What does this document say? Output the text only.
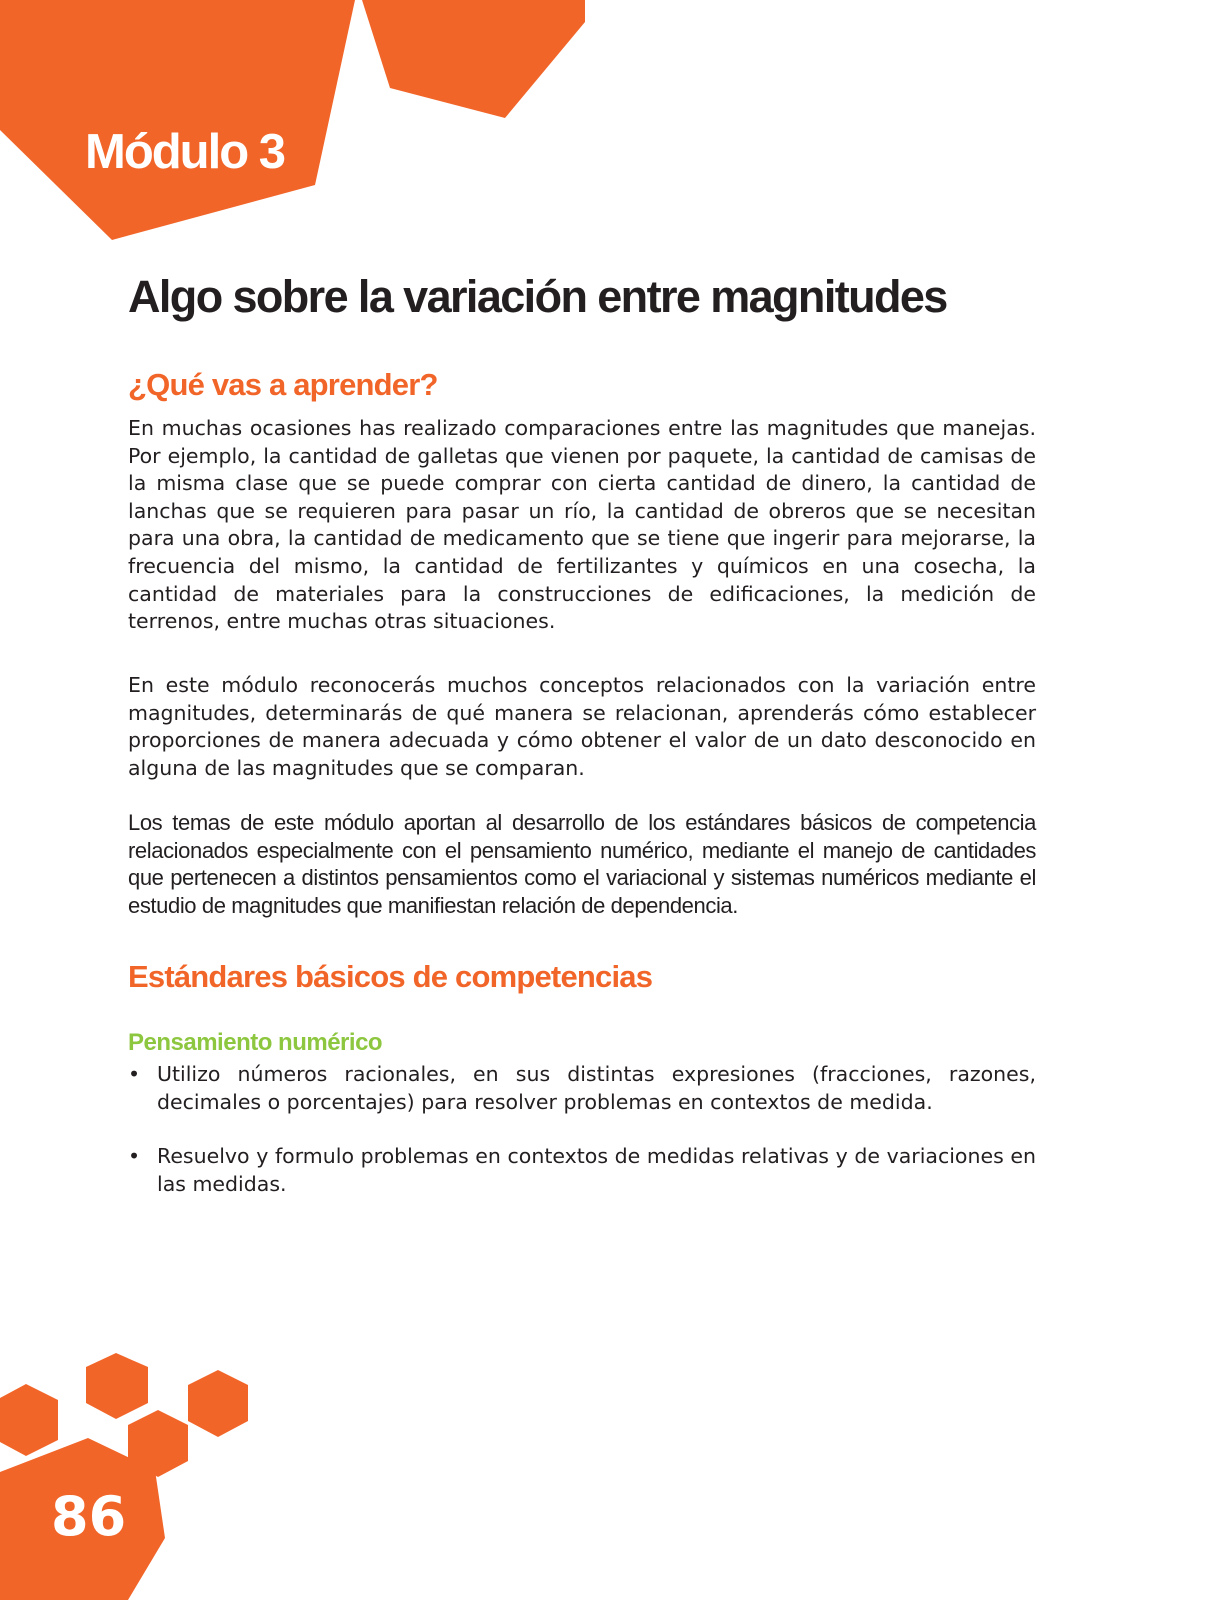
Módulo 3
Algo sobre la variación entre magnitudes
¿Qué vas a aprender?

En muchas ocasiones has realizado comparaciones entre las magnitudes que manejas. Por ejemplo, la cantidad de galletas que vienen por paquete, la cantidad de camisas de la misma clase que se puede comprar con cierta cantidad de dinero, la cantidad de lanchas que se requieren para pasar un río, la cantidad de obreros que se necesitan para una obra, la cantidad de medicamento que se tiene que ingerir para mejorarse, la frecuencia del mismo, la cantidad de fertilizantes y químicos en una cosecha, la cantidad de materiales para la construcciones de edificaciones, la medición de terrenos, entre muchas otras situaciones.

En este módulo reconocerás muchos conceptos relacionados con la variación entre magnitudes, determinarás de qué manera se relacionan, aprenderás cómo establecer proporciones de manera adecuada y cómo obtener el valor de un dato desconocido en alguna de las magnitudes que se comparan.

Los temas de este módulo aportan al desarrollo de los estándares básicos de competencia relacionados especialmente con el pensamiento numérico, mediante el manejo de cantidades que pertenecen a distintos pensamientos como el variacional y sistemas numéricos mediante el estudio de magnitudes que manifiestan relación de dependencia.

Estándares básicos de competencias
Pensamiento numérico
• Utilizo números racionales, en sus distintas expresiones (fracciones, razones, decimales o porcentajes) para resolver problemas en contextos de medida.
• Resuelvo y formulo problemas en contextos de medidas relativas y de variaciones en las medidas.
86
